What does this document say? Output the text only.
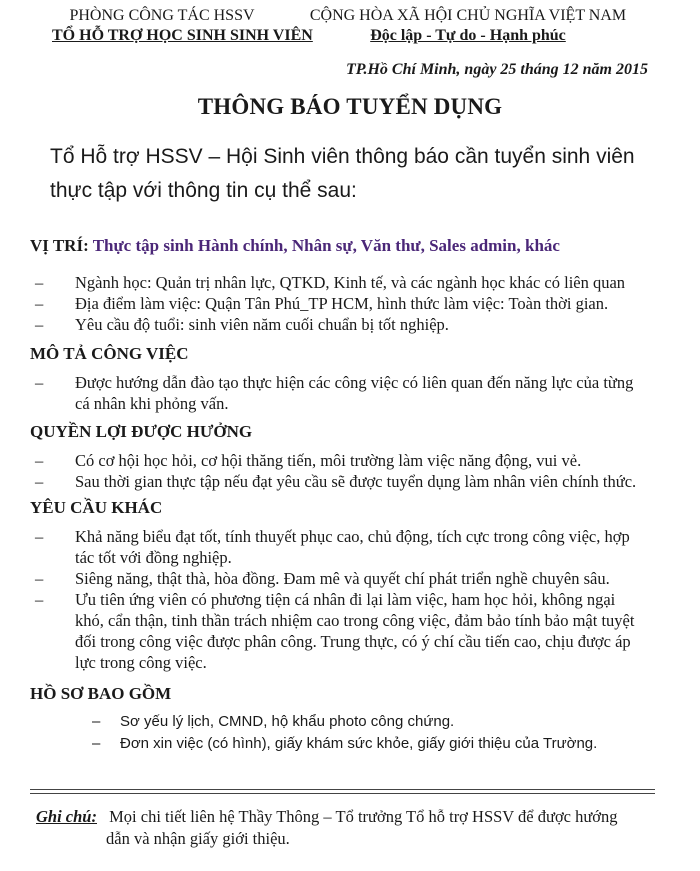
PHÒNG CÔNG TÁC HSSV
TỔ HỖ TRỢ HỌC SINH SINH VIÊN
CỘNG HÒA XÃ HỘI CHỦ NGHĨA VIỆT NAM
Độc lập - Tự do - Hạnh phúc
TP.Hồ Chí Minh, ngày 25 tháng 12 năm 2015
THÔNG BÁO TUYỂN DỤNG
Tổ Hỗ trợ HSSV – Hội Sinh viên thông báo cần tuyển sinh viên thực tập với thông tin cụ thể sau:
VỊ TRÍ: Thực tập sinh Hành chính, Nhân sự, Văn thư, Sales admin, khác
– Ngành học: Quản trị nhân lực, QTKD, Kinh tế, và các ngành học khác có liên quan
– Địa điểm làm việc: Quận Tân Phú_TP HCM, hình thức làm việc: Toàn thời gian.
– Yêu cầu độ tuổi: sinh viên năm cuối chuẩn bị tốt nghiệp.
MÔ TẢ CÔNG VIỆC
– Được hướng dẫn đào tạo thực hiện các công việc có liên quan đến năng lực của từng
cá nhân khi phỏng vấn.
QUYỀN LỢI ĐƯỢC HƯỞNG
– Có cơ hội học hỏi, cơ hội thăng tiến, môi trường làm việc năng động, vui vẻ.
– Sau thời gian thực tập nếu đạt yêu cầu sẽ được tuyển dụng làm nhân viên chính thức.
YÊU CẦU KHÁC
– Khả năng biểu đạt tốt, tính thuyết phục cao, chủ động, tích cực trong công việc, hợp
tác tốt với đồng nghiệp.
– Siêng năng, thật thà, hòa đồng. Đam mê và quyết chí phát triển nghề chuyên sâu.
– Ưu tiên ứng viên có phương tiện cá nhân đi lại làm việc, ham học hỏi, không ngại
khó, cẩn thận, tinh thần trách nhiệm cao trong công việc, đảm bảo tính bảo mật tuyệt
đối trong công việc được phân công. Trung thực, có ý chí cầu tiến cao, chịu được áp
lực trong công việc.
HỒ SƠ BAO GỒM
– Sơ yếu lý lịch, CMND, hộ khẩu photo công chứng.
– Đơn xin việc (có hình), giấy khám sức khỏe, giấy giới thiệu của Trường.
Ghi chú: Mọi chi tiết liên hệ Thầy Thông – Tổ trưởng Tổ hỗ trợ HSSV để được hướng
dẫn và nhận giấy giới thiệu.
